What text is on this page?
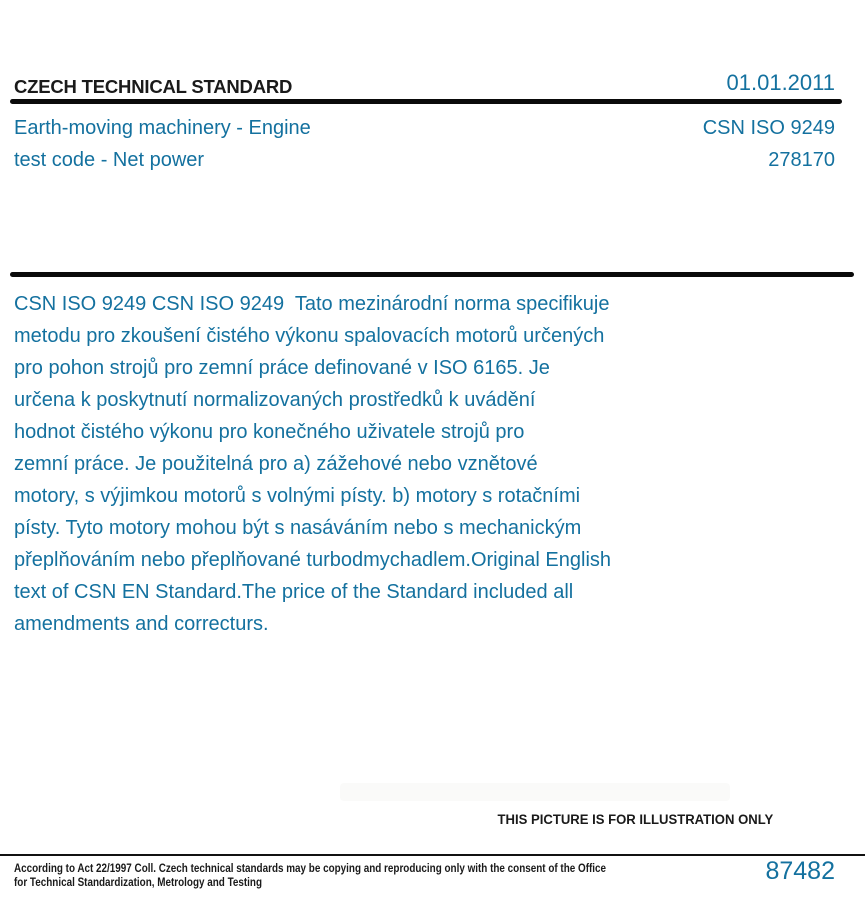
CZECH TECHNICAL STANDARD	01.01.2011
Earth-moving machinery - Engine
test code - Net power
CSN ISO 9249
278170
CSN ISO 9249 CSN ISO 9249  Tato mezinárodní norma specifikuje
metodu pro zkoušení čistého výkonu spalovacích motorů určených
pro pohon strojů pro zemní práce definované v ISO 6165. Je
určena k poskytnutí normalizovaných prostředků k uvádění
hodnot čistého výkonu pro konečného uživatele strojů pro
zemní práce. Je použitelná pro a) zážehové nebo vznětové
motory, s výjimkou motorů s volnými písty. b) motory s rotačními
písty. Tyto motory mohou být s nasáváním nebo s mechanickým
přeplňováním nebo přeplňované turbodmychadlem.Original English
text of CSN EN Standard.The price of the Standard included all
amendments and correcturs.
THIS PICTURE IS FOR ILLUSTRATION ONLY
According to Act 22/1997 Coll. Czech technical standards may be copying and reproducing only with the consent of the Office
for Technical Standardization, Metrology and Testing	87482
